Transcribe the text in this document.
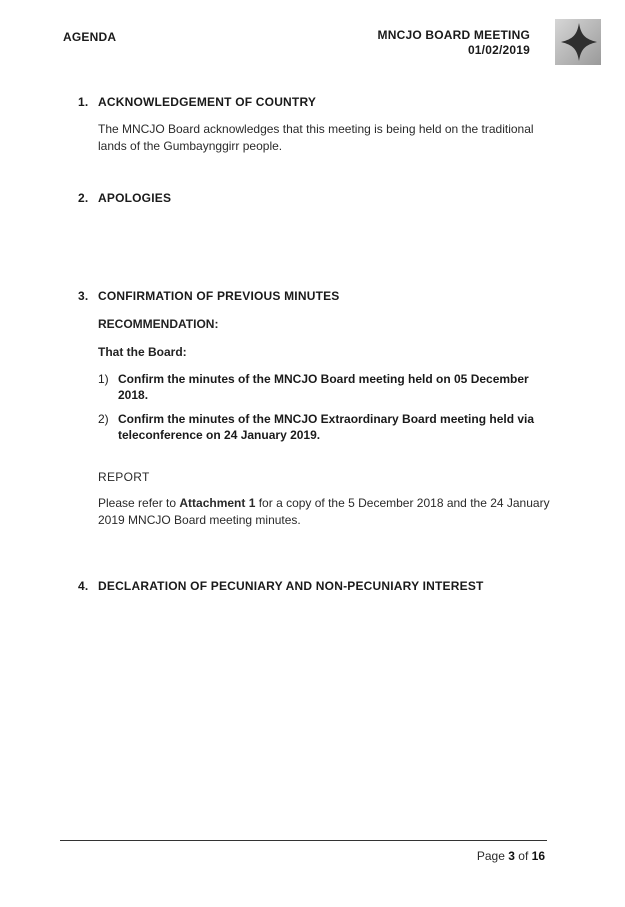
AGENDA	MNCJO BOARD MEETING
01/02/2019
1. ACKNOWLEDGEMENT OF COUNTRY
The MNCJO Board acknowledges that this meeting is being held on the traditional lands of the Gumbaynggirr people.
2. APOLOGIES
3. CONFIRMATION OF PREVIOUS MINUTES
RECOMMENDATION:
That the Board:
1) Confirm the minutes of the MNCJO Board meeting held on 05 December 2018.
2) Confirm the minutes of the MNCJO Extraordinary Board meeting held via teleconference on 24 January 2019.
REPORT
Please refer to Attachment 1 for a copy of the 5 December 2018 and the 24 January 2019 MNCJO Board meeting minutes.
4. DECLARATION OF PECUNIARY AND NON-PECUNIARY INTEREST
Page 3 of 16
